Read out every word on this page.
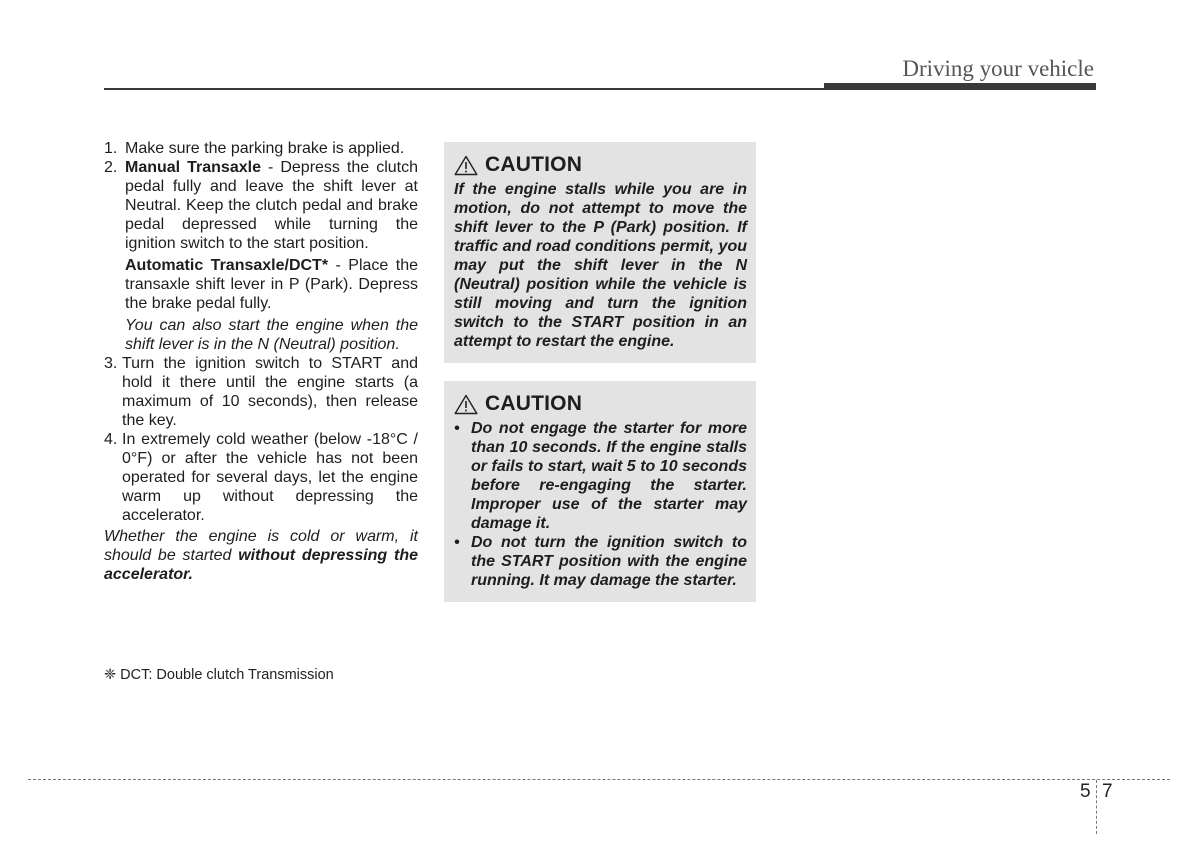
Driving your vehicle
1. Make sure the parking brake is applied.
2. Manual Transaxle - Depress the clutch pedal fully and leave the shift lever at Neutral. Keep the clutch pedal and brake pedal depressed while turning the ignition switch to the start position.
Automatic Transaxle/DCT* - Place the transaxle shift lever in P (Park). Depress the brake pedal fully.
You can also start the engine when the shift lever is in the N (Neutral) position.
3. Turn the ignition switch to START and hold it there until the engine starts (a maximum of 10 seconds), then release the key.
4. In extremely cold weather (below -18°C / 0°F) or after the vehicle has not been operated for several days, let the engine warm up without depressing the accelerator.
Whether the engine is cold or warm, it should be started without depressing the accelerator.
❈ DCT: Double clutch Transmission
CAUTION
If the engine stalls while you are in motion, do not attempt to move the shift lever to the P (Park) position. If traffic and road conditions permit, you may put the shift lever in the N (Neutral) position while the vehicle is still moving and turn the ignition switch to the START position in an attempt to restart the engine.
CAUTION
• Do not engage the starter for more than 10 seconds. If the engine stalls or fails to start, wait 5 to 10 seconds before re-engaging the starter. Improper use of the starter may damage it.
• Do not turn the ignition switch to the START position with the engine running. It may damage the starter.
5 7
